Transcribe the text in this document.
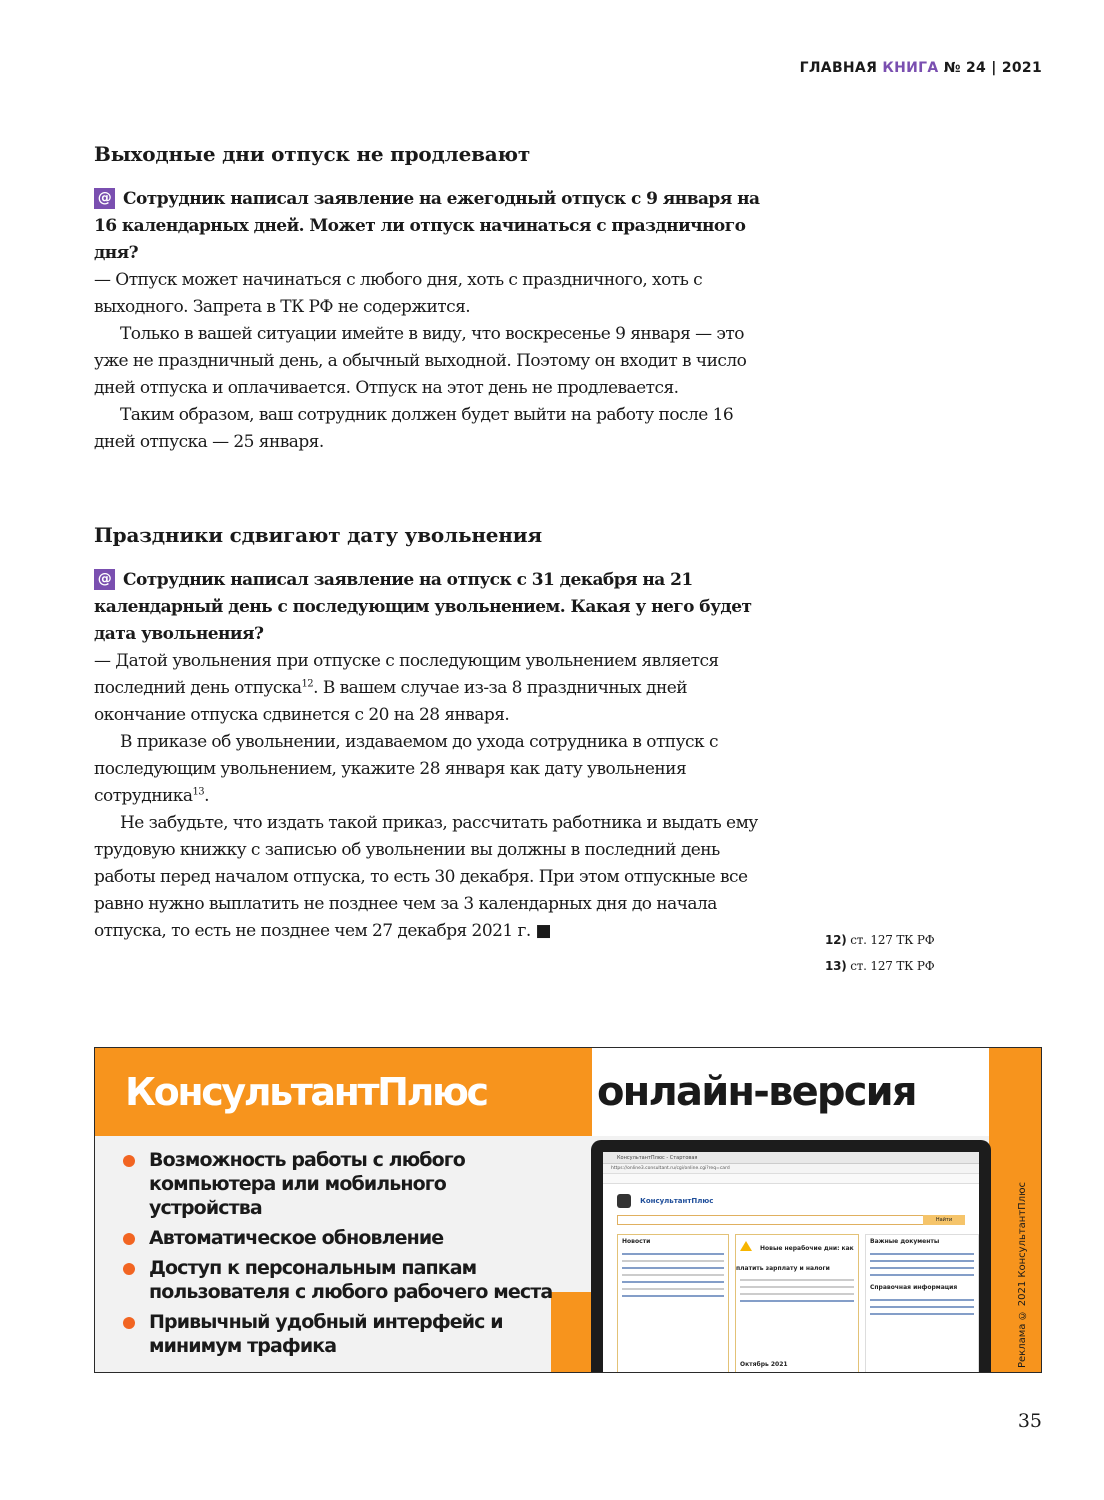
ГЛАВНАЯ КНИГА № 24 | 2021
Выходные дни отпуск не продлевают
@ Сотрудник написал заявление на ежегодный отпуск с 9 января на 16 календарных дней. Может ли отпуск начинаться с праздничного дня?
— Отпуск может начинаться с любого дня, хоть с праздничного, хоть с выходного. Запрета в ТК РФ не содержится.
Только в вашей ситуации имейте в виду, что воскресенье 9 января — это уже не праздничный день, а обычный выходной. Поэтому он входит в число дней отпуска и оплачивается. Отпуск на этот день не продлевается.
Таким образом, ваш сотрудник должен будет выйти на работу после 16 дней отпуска — 25 января.
Праздники сдвигают дату увольнения
@ Сотрудник написал заявление на отпуск с 31 декабря на 21 календарный день с последующим увольнением. Какая у него будет дата увольнения?
— Датой увольнения при отпуске с последующим увольнением является последний день отпуска$^{12}$. В вашем случае из-за 8 праздничных дней окончание отпуска сдвинется с 20 на 28 января.
В приказе об увольнении, издаваемом до ухода сотрудника в отпуск с последующим увольнением, укажите 28 января как дату увольнения сотрудника$^{13}$.
Не забудьте, что издать такой приказ, рассчитать работника и выдать ему трудовую книжку с записью об увольнении вы должны в последний день работы перед началом отпуска, то есть 30 декабря. При этом отпускные все равно нужно выплатить не позднее чем за 3 календарных дня до начала отпуска, то есть не позднее чем 27 декабря 2021 г. ■	12) ст. 127 ТК РФ
13) ст. 127 ТК РФ
КонсультантПлюс	онлайн-версия
Возможность работы с любого компьютера или мобильного устройства
Автоматическое обновление
Доступ к персональным папкам пользователя с любого рабочего места
Привычный удобный интерфейс и минимум трафика
КонсультантПлюс - Стартовая
https://online3.consultant.ru/cgi/online.cgi?req=card
КонсультантПлюс
Найти
Новости
Новые нерабочие дни: как платить зарплату и налоги
Октябрь 2021
Важные документы
Справочная информация	Реклама © 2021 КонсультантПлюс
35
